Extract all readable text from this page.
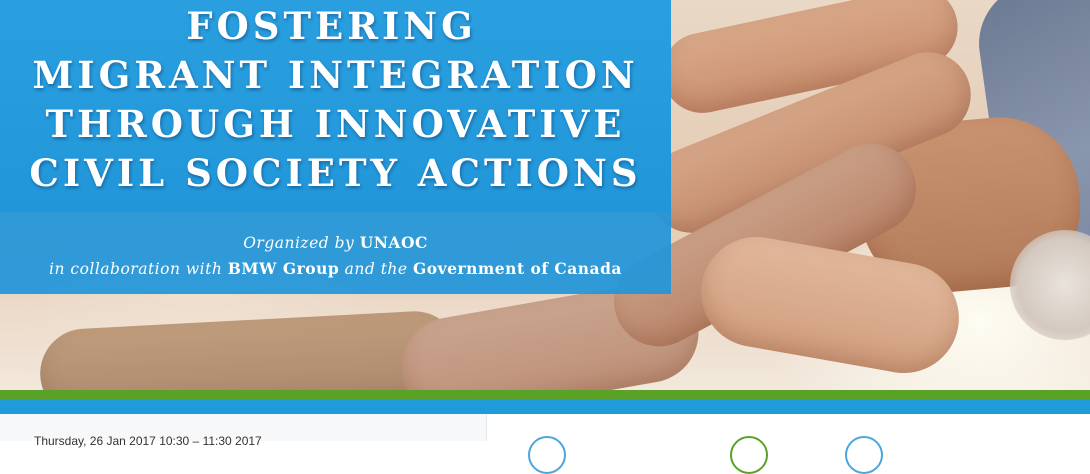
FOSTERING
MIGRANT INTEGRATION
THROUGH INNOVATIVE
CIVIL SOCIETY ACTIONS
Organized by UNAOC
in collaboration with BMW Group and the Government of Canada
Thursday, 26 Jan 2017 10:30 – 11:30 2017
